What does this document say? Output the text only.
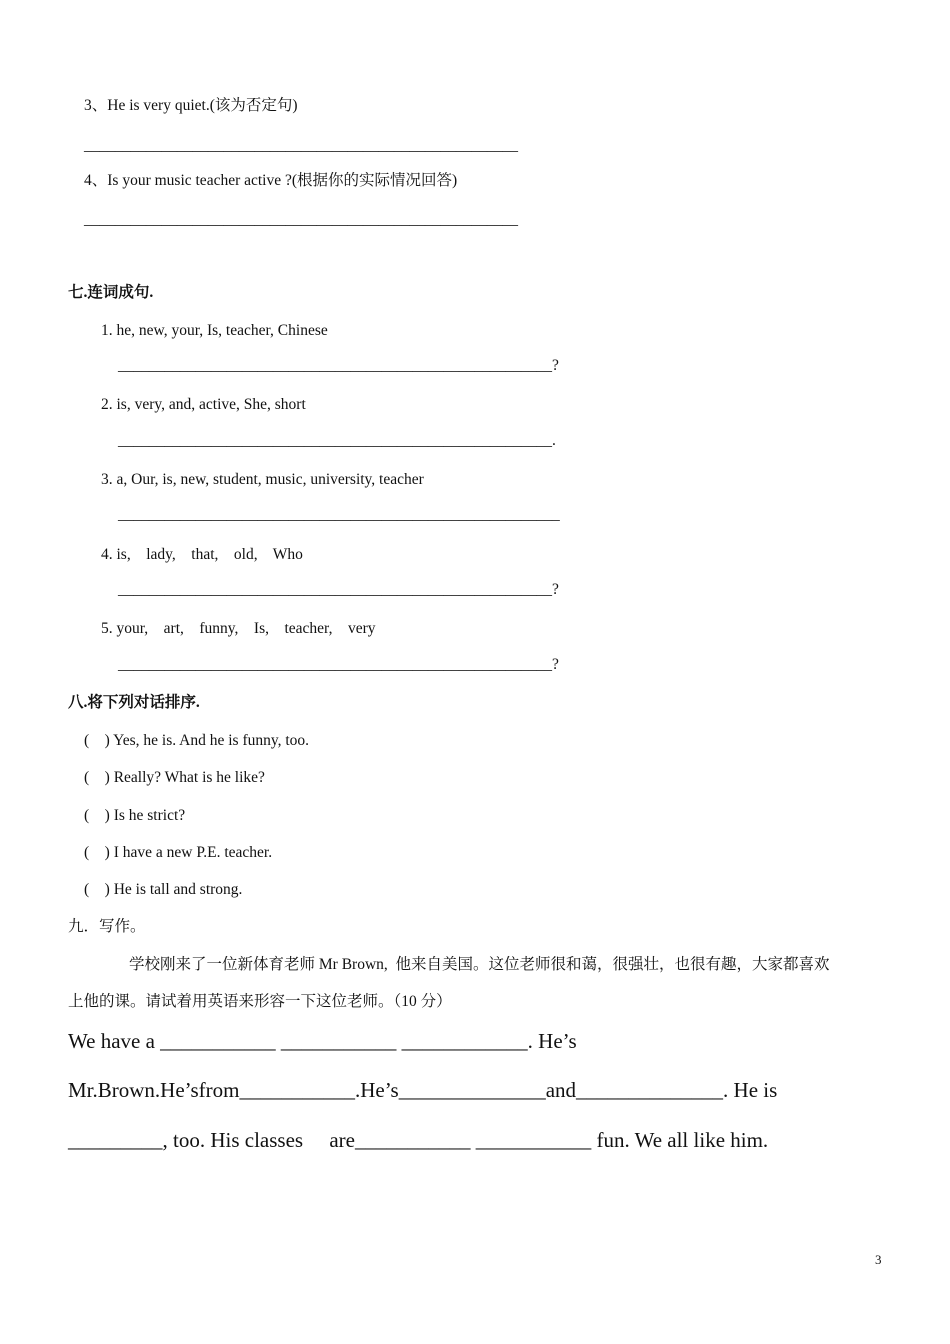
3、He is very quiet.(该为否定句)
________________________________________________________
4、Is your music teacher active ?(根据你的实际情况回答)
________________________________________________________
七.连词成句.
1. he, new, your, Is, teacher, Chinese
________________________________________________________?
2. is, very, and, active, She, short
________________________________________________________.
3. a, Our, is, new, student, music, university, teacher
_________________________________________________________
4. is,    lady,    that,    old,    Who
________________________________________________________?
5. your,    art,    funny,    Is,    teacher,    very
________________________________________________________?
八.将下列对话排序.
(    ) Yes, he is. And he is funny, too.
(    ) Really? What is he like?
(    ) Is he strict?
(    ) I have a new P.E. teacher.
(    ) He is tall and strong.
九．写作。
学校刚来了一位新体育老师 Mr Brown,  他来自美国。这位老师很和蔼，很强壮，也很有趣，大家都喜欢
上他的课。请试着用英语来形容一下这位老师。（10 分）
We have a ___________ ___________ ____________. He’s
Mr.Brown.He’sfrom___________.He’s______________and______________. He is
_________, too. His classes     are___________ ___________ fun. We all like him.
3
